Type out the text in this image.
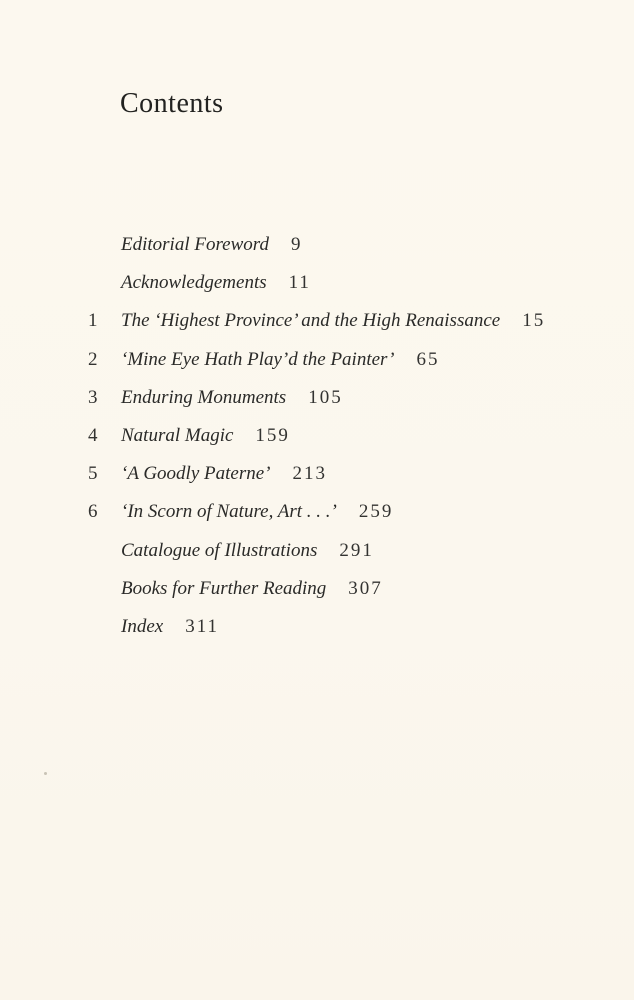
Contents
Editorial Foreword 9
Acknowledgements 11
1	The ‘Highest Province’ and the High Renaissance 15
2	‘Mine Eye Hath Play’d the Painter’ 65
3	Enduring Monuments 105
4	Natural Magic 159
5	‘A Goodly Paterne’ 213
6	‘In Scorn of Nature, Art . . .’ 259
Catalogue of Illustrations 291
Books for Further Reading 307
Index 311
